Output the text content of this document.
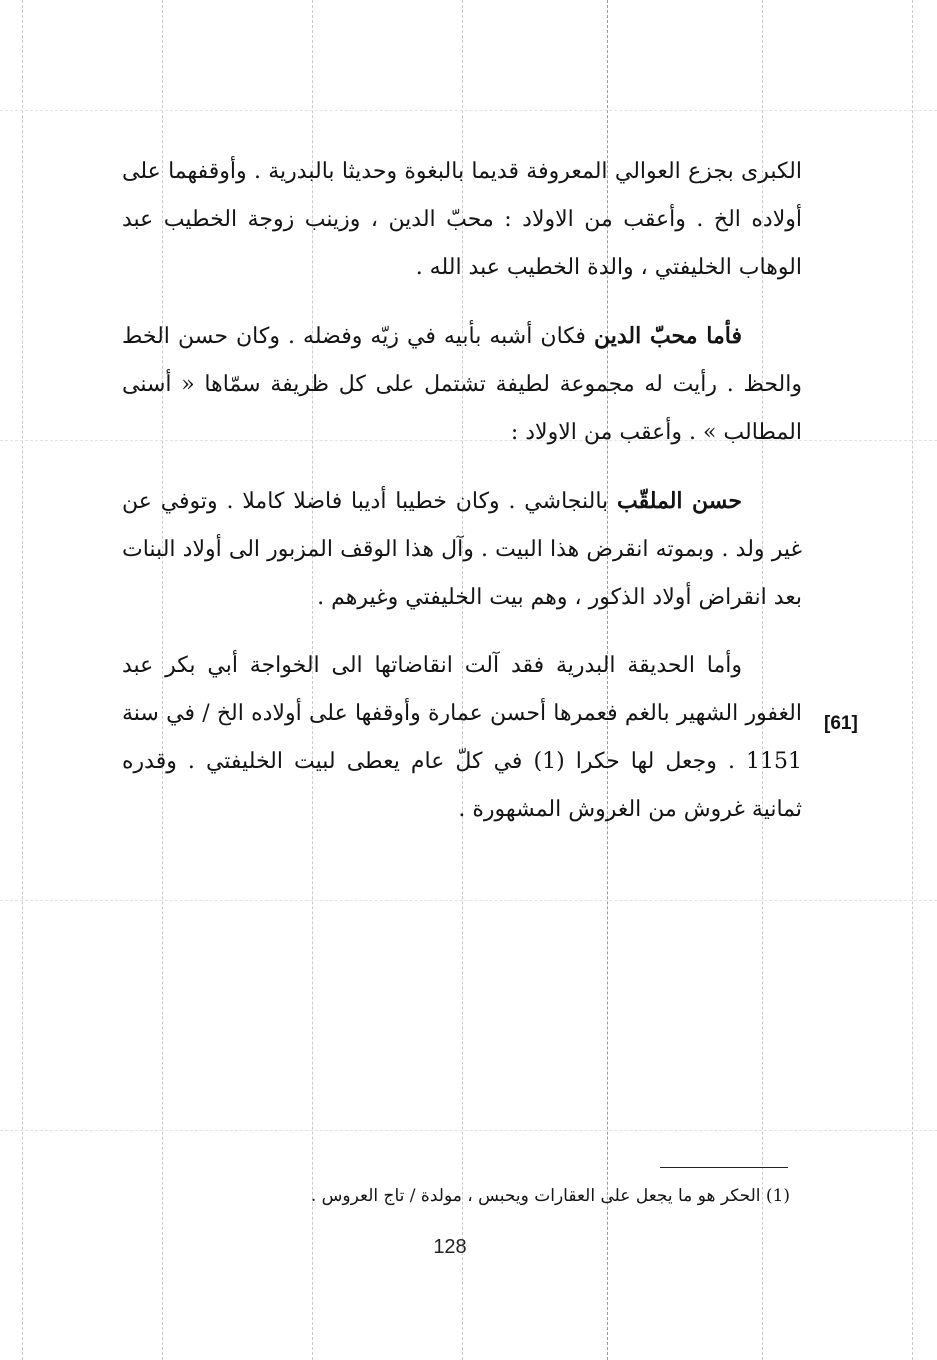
الكبرى بجزع العوالي المعروفة قديما بالبغوة وحديثا بالبدرية . وأوقفهما على أولاده الخ . وأعقب من الاولاد : محبّ الدين ، وزينب زوجة الخطيب عبد الوهاب الخليفتي ، والدة الخطيب عبد الله .

فأما محبّ الدين فكان أشبه بأبيه في زيّه وفضله . وكان حسن الخط والحظ . رأيت له مجموعة لطيفة تشتمل على كل ظريفة سمّاها « أسنى المطالب » . وأعقب من الاولاد :

حسن الملقّب بالنجاشي . وكان خطيبا أديبا فاضلا كاملا . وتوفي عن غير ولد . وبموته انقرض هذا البيت . وآل هذا الوقف المزبور الى أولاد البنات بعد انقراض أولاد الذكور ، وهم بيت الخليفتي وغيرهم .

وأما الحديقة البدرية فقد آلت انقاضاتها الى الخواجة أبي بكر عبد الغفور الشهير بالغم فعمرها أحسن عمارة وأوقفها على أولاده الخ / في سنة 1151 . وجعل لها حكرا (1) في كلّ عام يعطى لبيت الخليفتي . وقدره ثمانية غروش من الغروش المشهورة .

[61]
(1) الحكر هو ما يجعل على العقارات ويحبس ، مولدة / تاج العروس .
128
